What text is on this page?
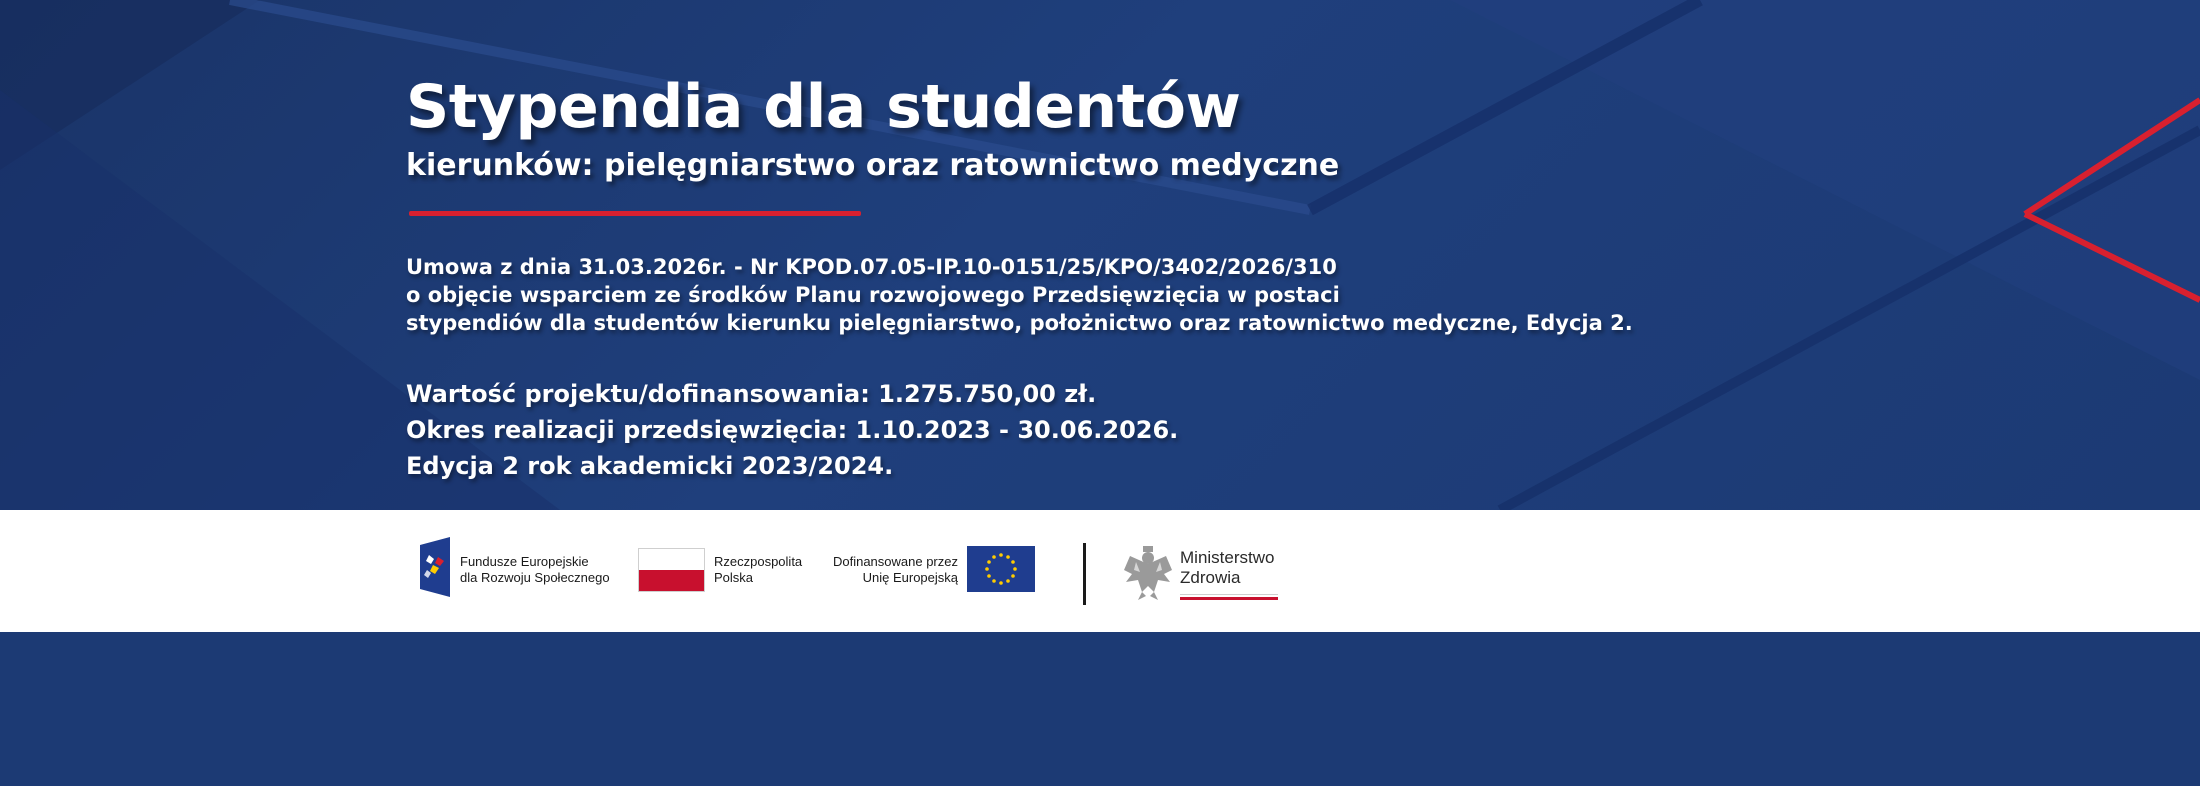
Stypendia dla studentów
kierunków: pielęgniarstwo oraz ratownictwo medyczne
Umowa z dnia 31.03.2026r. - Nr KPOD.07.05-IP.10-0151/25/KPO/3402/2026/310
o objęcie wsparciem ze środków Planu rozwojowego Przedsięwzięcia w postaci
stypendiów dla studentów kierunku pielęgniarstwo, położnictwo oraz ratownictwo medyczne, Edycja 2.
Wartość projektu/dofinansowania: 1.275.750,00 zł.
Okres realizacji przedsięwzięcia: 1.10.2023 - 30.06.2026.
Edycja 2 rok akademicki 2023/2024.
Fundusze Europejskie
dla Rozwoju Społecznego
Rzeczpospolita
Polska
Dofinansowane przez
Unię Europejską
Ministerstwo
Zdrowia
